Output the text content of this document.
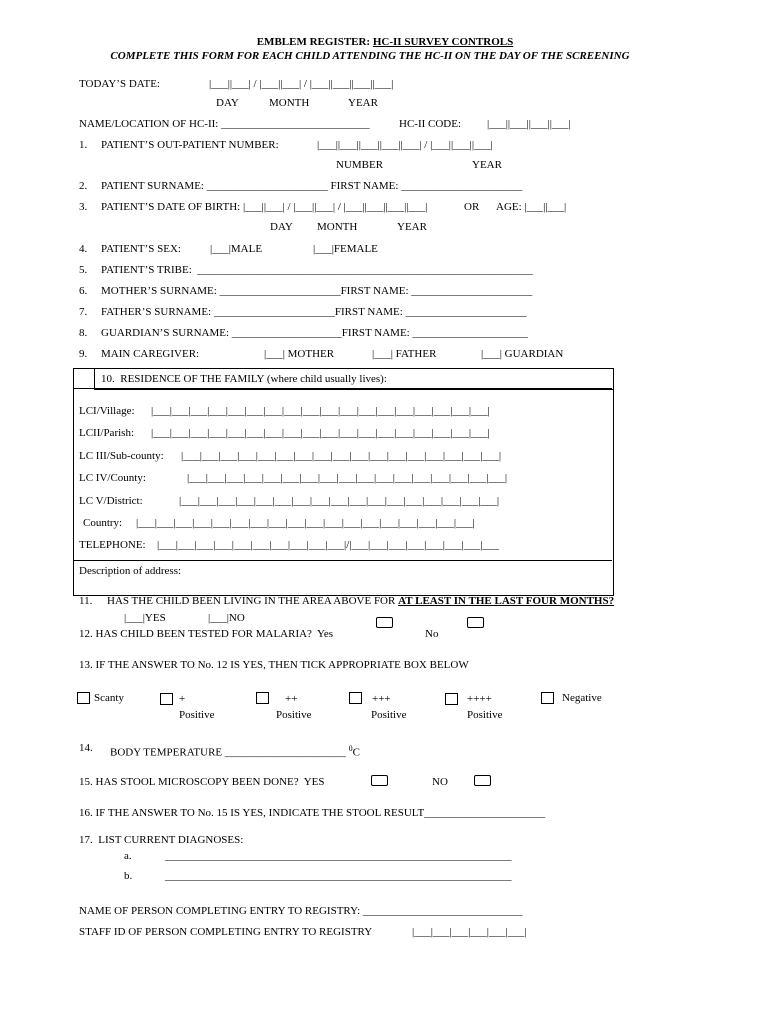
EMBLEM REGISTER: HC-II SURVEY CONTROLS
COMPLETE THIS FORM FOR EACH CHILD ATTENDING THE HC-II ON THE DAY OF THE SCREENING
TODAY’S DATE:	|___||___| / |___||___| / |___||___||___||___|
DAY	MONTH	YEAR
NAME/LOCATION OF HC-II: ___________________________	HC-II CODE: |___||___||___||___|
1. PATIENT’S OUT-PATIENT NUMBER:	|___||___||___||___||___| / |___||___||___|
NUMBER	YEAR
2. PATIENT SURNAME: ______________________ FIRST NAME: ______________________
3. PATIENT’S DATE OF BIRTH: |___||___| / |___||___| / |___||___||___||___|	OR AGE: |___||___|
DAY MONTH	YEAR
4. PATIENT’S SEX:	|___|MALE	|___|FEMALE
5. PATIENT’S TRIBE:  _____________________________________________________________
6. MOTHER’S SURNAME: ______________________FIRST NAME: ______________________
7. FATHER’S SURNAME: ______________________FIRST NAME: ______________________
8. GUARDIAN’S SURNAME: ____________________FIRST NAME: _____________________
9. MAIN CAREGIVER:	|___| MOTHER	|___| FATHER	|___| GUARDIAN
10.  RESIDENCE OF THE FAMILY (where child usually lives):
LCI/Village: |___|___|___|___|___|___|___|___|___|___|___|___|___|___|___|___|___|___|
LCII/Parish: |___|___|___|___|___|___|___|___|___|___|___|___|___|___|___|___|___|___|
LC III/Sub-county: |___|___|___|___|___|___|___|___|___|___|___|___|___|___|___|___|___|
LC IV/County:	|___|___|___|___|___|___|___|___|___|___|___|___|___|___|___|___|___|
LC V/District:	|___|___|___|___|___|___|___|___|___|___|___|___|___|___|___|___|___|
Country: |___|___|___|___|___|___|___|___|___|___|___|___|___|___|___|___|___|___|
TELEPHONE: |___|___|___|___|___|___|___|___|___|___|/|___|___|___|___|___|___|___|___
Description of address:
11. HAS THE CHILD BEEN LIVING IN THE AREA ABOVE FOR AT LEAST IN THE LAST FOUR MONTHS?
|___|YES	|___|NO
12. HAS CHILD BEEN TESTED FOR MALARIA?  Yes	No
13. IF THE ANSWER TO No. 12 IS YES, THEN TICK APPROPRIATE BOX BELOW
Scanty	+
Positive
++
Positive
+++
Positive
++++
Positive
Negative
14. BODY TEMPERATURE ______________________ $^0$C
15. HAS STOOL MICROSCOPY BEEN DONE?  YES	NO
16. IF THE ANSWER TO No. 15 IS YES, INDICATE THE STOOL RESULT______________________
17.  LIST CURRENT DIAGNOSES:
a.	_______________________________________________________________
b.	_______________________________________________________________
NAME OF PERSON COMPLETING ENTRY TO REGISTRY: _____________________________
STAFF ID OF PERSON COMPLETING ENTRY TO REGISTRY	|___|___|___|___|___|___|
